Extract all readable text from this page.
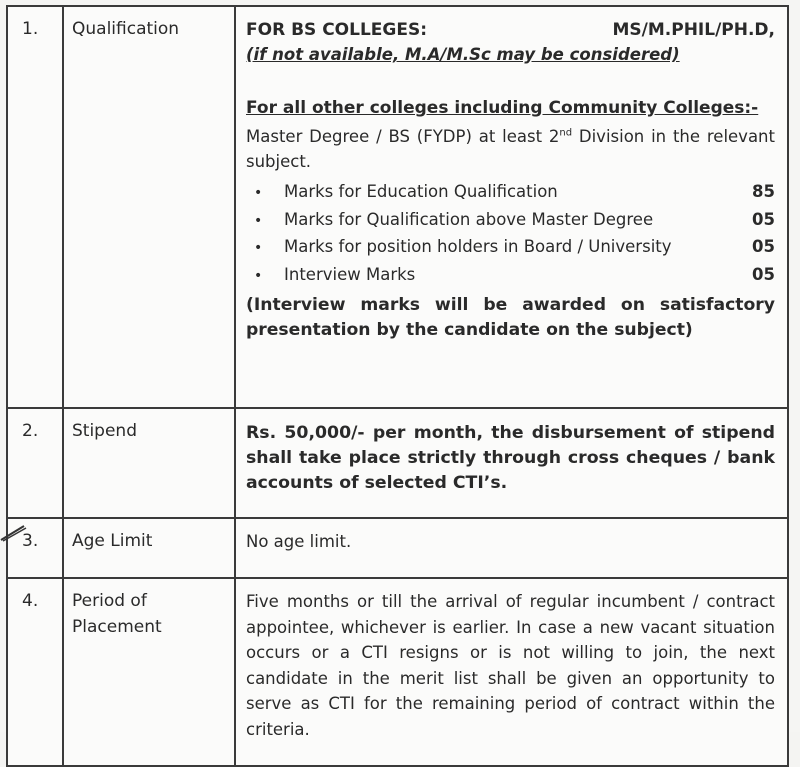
1.	Qualification	FOR BS COLLEGES:	MS/M.PHIL/PH.D,
(if not available, M.A/M.Sc may be considered)
For all other colleges including Community Colleges:-
Master Degree / BS (FYDP) at least 2nd Division in the relevant subject.
•	Marks for Education Qualification	85
•	Marks for Qualification above Master Degree	05
•	Marks for position holders in Board / University	05
•	Interview Marks	05
(Interview marks will be awarded on satisfactory presentation by the candidate on the subject)

2.	Stipend	Rs. 50,000/- per month, the disbursement of stipend shall take place strictly through cross cheques / bank accounts of selected CTI’s.

3.	Age Limit	No age limit.

4.	Period of Placement	Five months or till the arrival of regular incumbent / contract appointee, whichever is earlier. In case a new vacant situation occurs or a CTI resigns or is not willing to join, the next candidate in the merit list shall be given an opportunity to serve as CTI for the remaining period of contract within the criteria.
